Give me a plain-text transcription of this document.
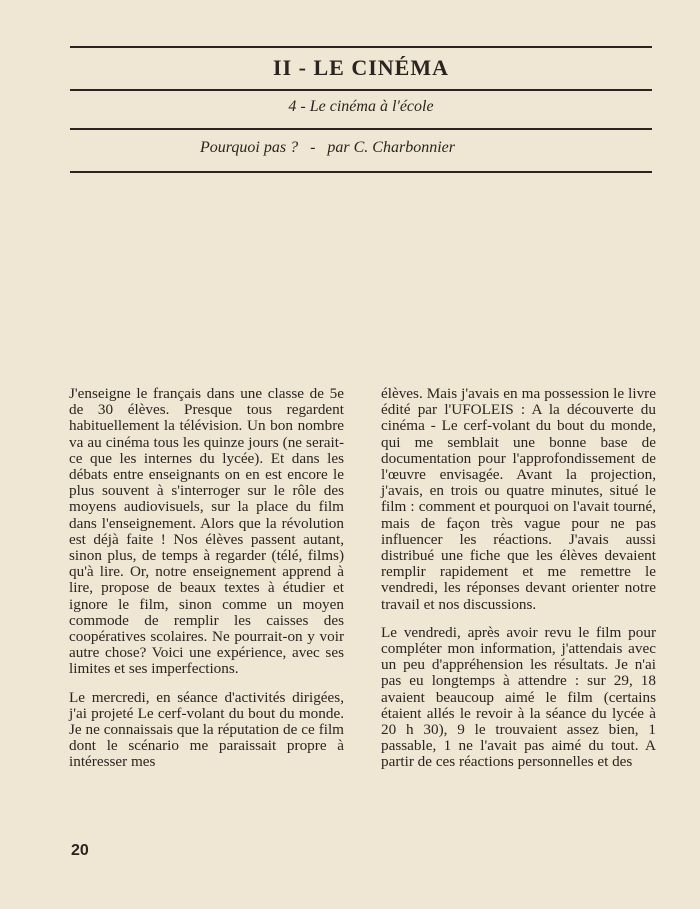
II - LE CINÉMA
4 - Le cinéma à l'école
Pourquoi pas ? - par C. Charbonnier

J'enseigne le français dans une classe de 5e de 30 élèves. Presque tous regardent habituellement la télévision. Un bon nombre va au cinéma tous les quinze jours (ne serait-ce que les internes du lycée). Et dans les débats entre enseignants on en est encore le plus souvent à s'interroger sur le rôle des moyens audiovisuels, sur la place du film dans l'enseignement. Alors que la révolution est déjà faite ! Nos élèves passent autant, sinon plus, de temps à regarder (télé, films) qu'à lire. Or, notre enseignement apprend à lire, propose de beaux textes à étudier et ignore le film, sinon comme un moyen commode de remplir les caisses des coopératives scolaires. Ne pourrait-on y voir autre chose? Voici une expérience, avec ses limites et ses imperfections.

Le mercredi, en séance d'activités dirigées, j'ai projeté Le cerf-volant du bout du monde. Je ne connaissais que la réputation de ce film dont le scénario me paraissait propre à intéresser mes

élèves. Mais j'avais en ma possession le livre édité par l'UFOLEIS : A la découverte du cinéma - Le cerf-volant du bout du monde, qui me semblait une bonne base de documentation pour l'approfondissement de l'œuvre envisagée. Avant la projection, j'avais, en trois ou quatre minutes, situé le film : comment et pourquoi on l'avait tourné, mais de façon très vague pour ne pas influencer les réactions. J'avais aussi distribué une fiche que les élèves devaient remplir rapidement et me remettre le vendredi, les réponses devant orienter notre travail et nos discussions.

Le vendredi, après avoir revu le film pour compléter mon information, j'attendais avec un peu d'appréhension les résultats. Je n'ai pas eu longtemps à attendre : sur 29, 18 avaient beaucoup aimé le film (certains étaient allés le revoir à la séance du lycée à 20 h 30), 9 le trouvaient assez bien, 1 passable, 1 ne l'avait pas aimé du tout. A partir de ces réactions personnelles et des

20
